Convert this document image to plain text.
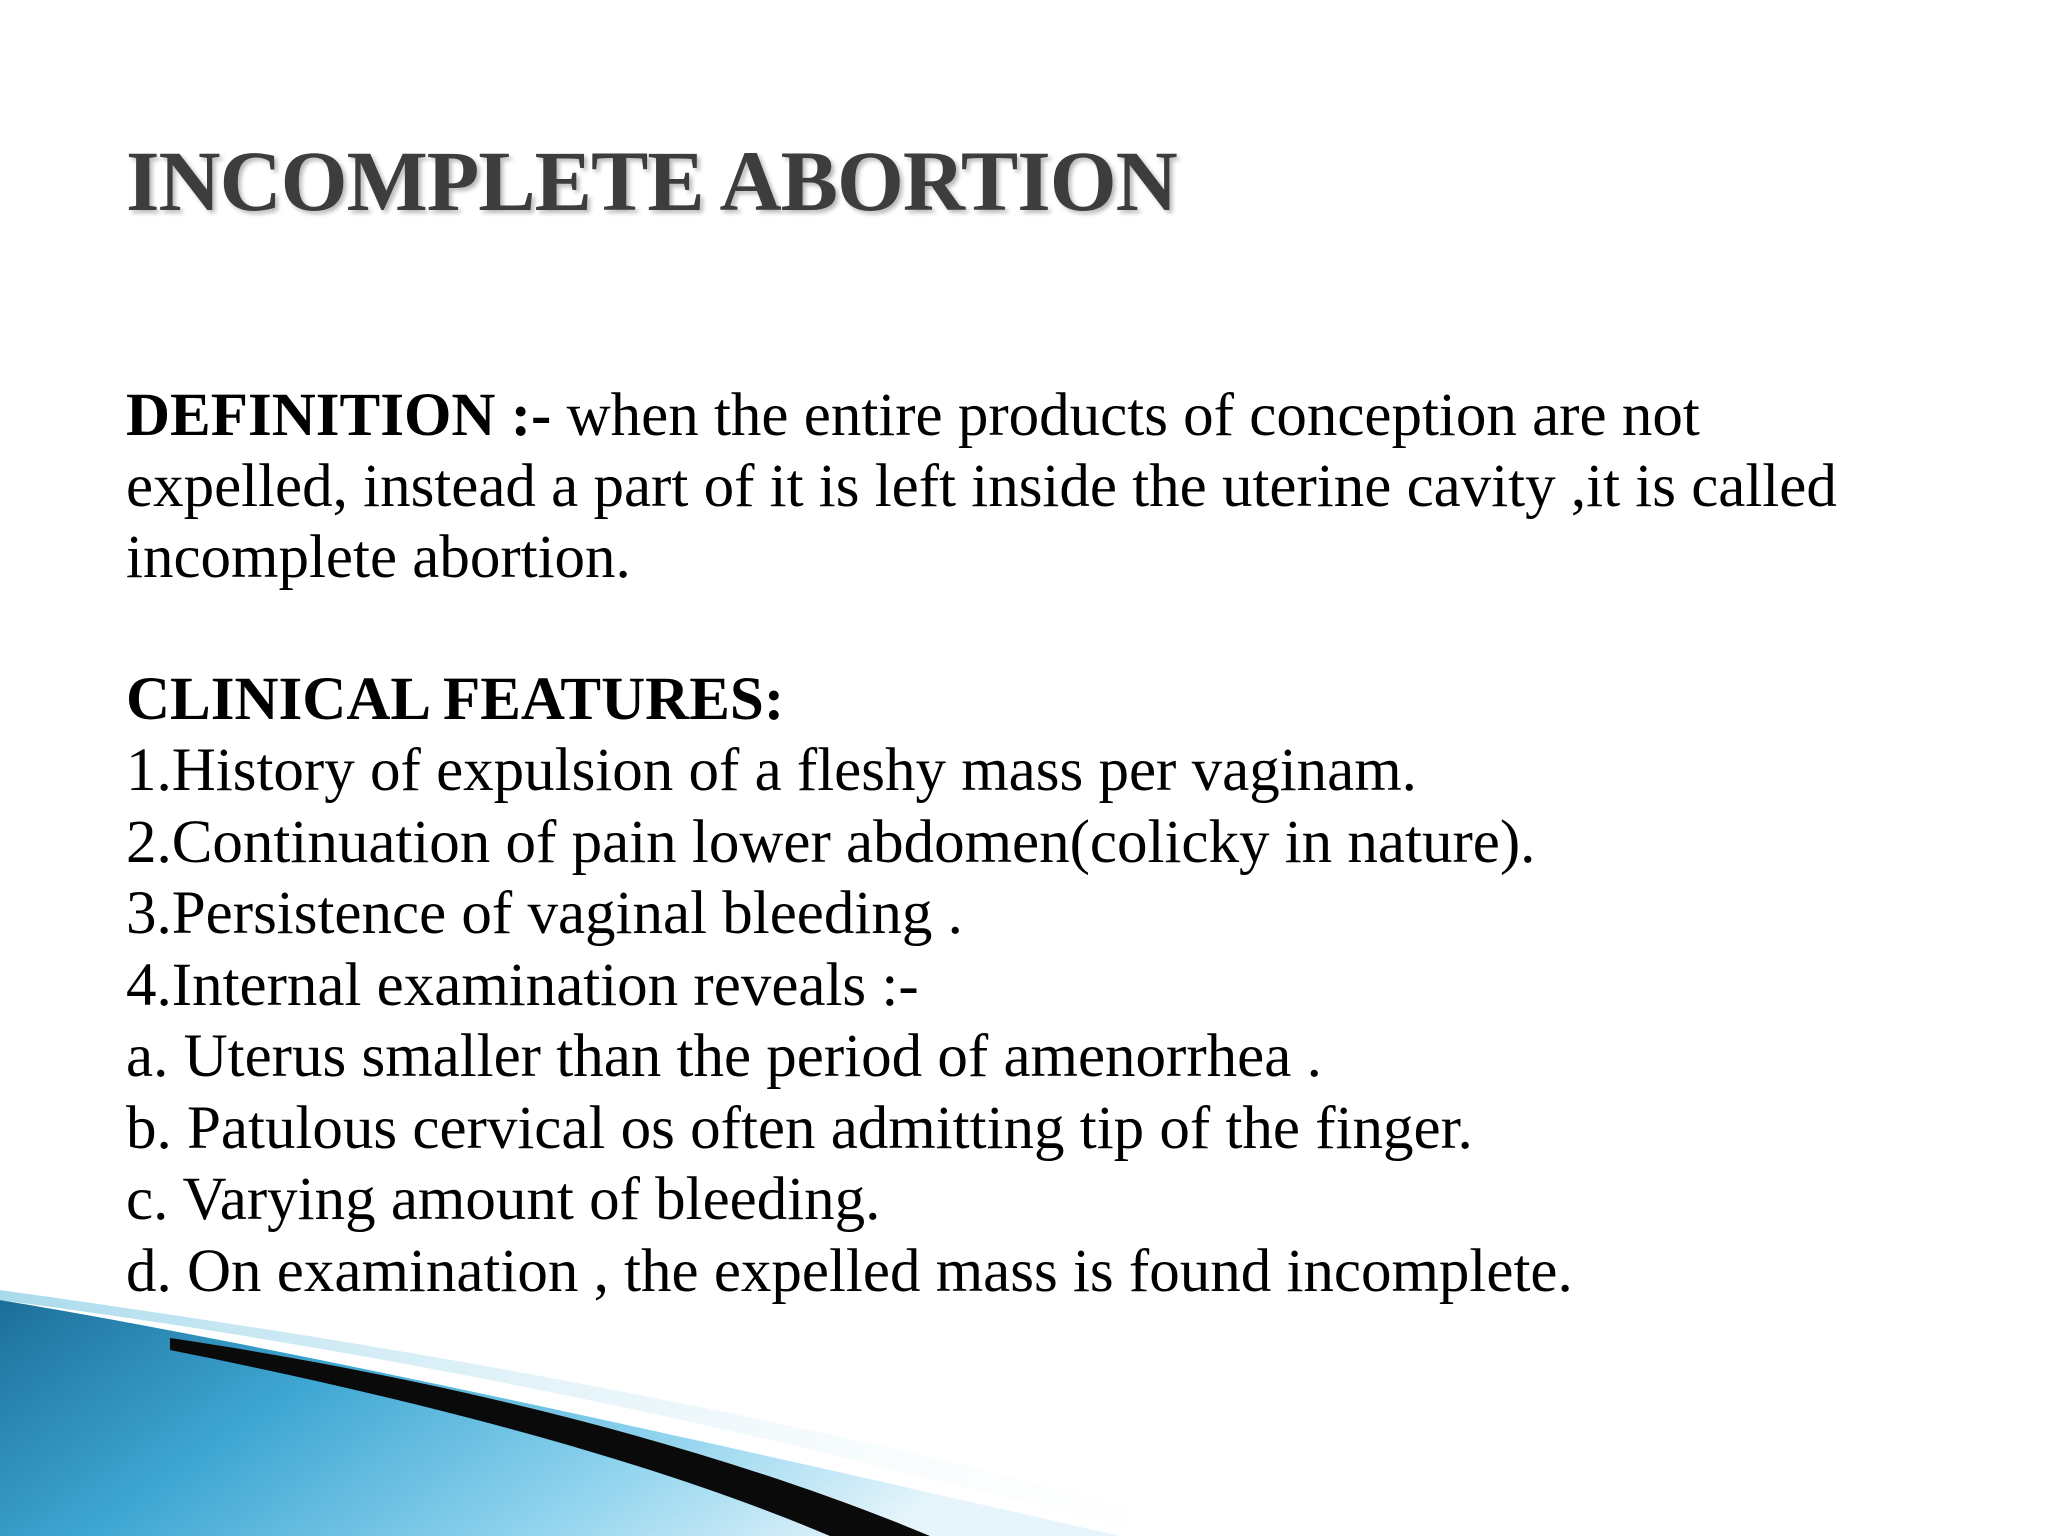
INCOMPLETE ABORTION

DEFINITION :- when the entire products of conception are not expelled, instead a part of it is left inside the uterine cavity ,it is called incomplete abortion.

CLINICAL FEATURES:

1.History of expulsion of a fleshy mass per vaginam.
2.Continuation of pain lower abdomen(colicky in nature).
3.Persistence of vaginal bleeding .
4.Internal examination reveals :-
a. Uterus smaller than the period of amenorrhea .
b. Patulous cervical os often admitting tip of the finger.
c. Varying amount of bleeding.
d. On examination , the expelled mass is found incomplete.
